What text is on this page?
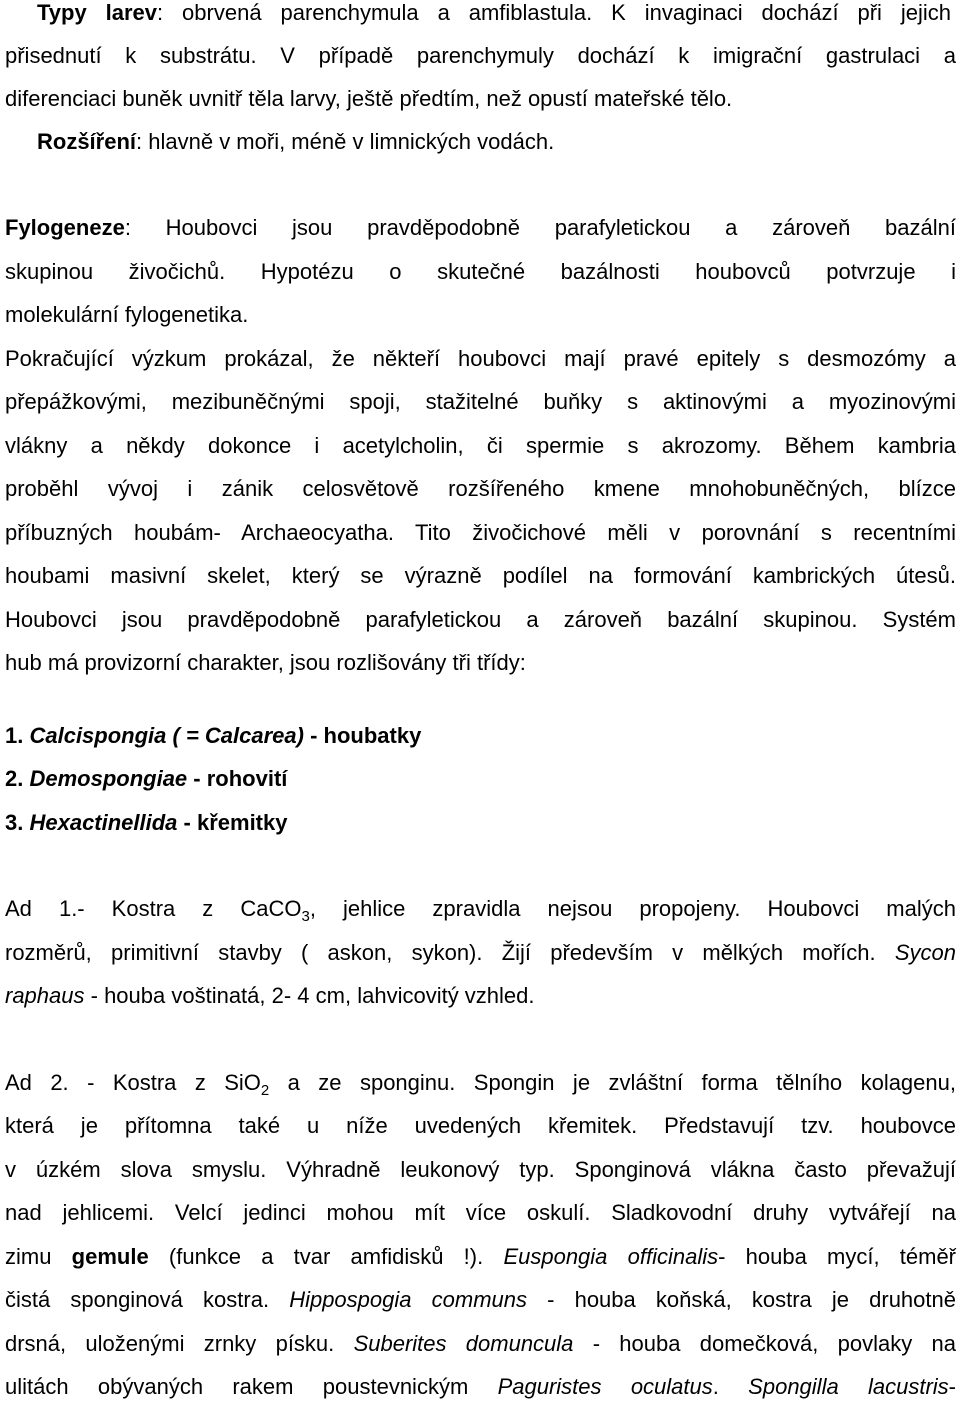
Typy larev: obrvená parenchymula a amfiblastula. K invaginaci dochází při jejich
přisednutí k substrátu. V případě parenchymuly dochází k imigrační gastrulaci a
diferenciaci buněk uvnitř těla larvy, ještě předtím, než opustí mateřské tělo.
Rozšíření: hlavně v moři, méně v limnických vodách.
Fylogeneze: Houbovci jsou pravděpodobně parafyletickou a zároveň bazální
skupinou živočichů. Hypotézu o skutečné bazálnosti houbovců potvrzuje i
molekulární fylogenetika.
Pokračující výzkum prokázal, že někteří houbovci mají pravé epitely s desmozómy a
přepážkovými, mezibuněčnými spoji, stažitelné buňky s aktinovými a myozinovými
vlákny a někdy dokonce i acetylcholin, či spermie s akrozomy. Během kambria
proběhl vývoj i zánik celosvětově rozšířeného kmene mnohobuněčných, blízce
příbuzných houbám- Archaeocyatha. Tito živočichové měli v porovnání s recentními
houbami masivní skelet, který se výrazně podílel na formování kambrických útesů.
Houbovci jsou pravděpodobně parafyletickou a zároveň bazální skupinou. Systém
hub má provizorní charakter, jsou rozlišovány tři třídy:
1. Calcispongia ( = Calcarea) - houbatky
2. Demospongiae - rohovití
3. Hexactinellida - křemitky
Ad 1.- Kostra z CaCO$_3$, jehlice zpravidla nejsou propojeny. Houbovci malých
rozměrů, primitivní stavby ( askon, sykon). Žijí především v mělkých mořích. Sycon
raphaus - houba voštinatá, 2- 4 cm, lahvicovitý vzhled.
Ad 2. - Kostra z SiO$_2$ a ze sponginu. Spongin je zvláštní forma tělního kolagenu,
která je přítomna také u níže uvedených křemitek. Představují tzv. houbovce
v úzkém slova smyslu. Výhradně leukonový typ. Sponginová vlákna často převažují
nad jehlicemi. Velcí jedinci mohou mít více oskulí. Sladkovodní druhy vytvářejí na
zimu gemule (funkce a tvar amfidisků !). Euspongia officinalis- houba mycí, téměř
čistá sponginová kostra. Hippospogia communs - houba koňská, kostra je druhotně
drsná, uloženými zrnky písku. Suberites domuncula - houba domečková, povlaky na
ulitách obývaných rakem poustevnickým Paguristes oculatus. Spongilla lacustris-
